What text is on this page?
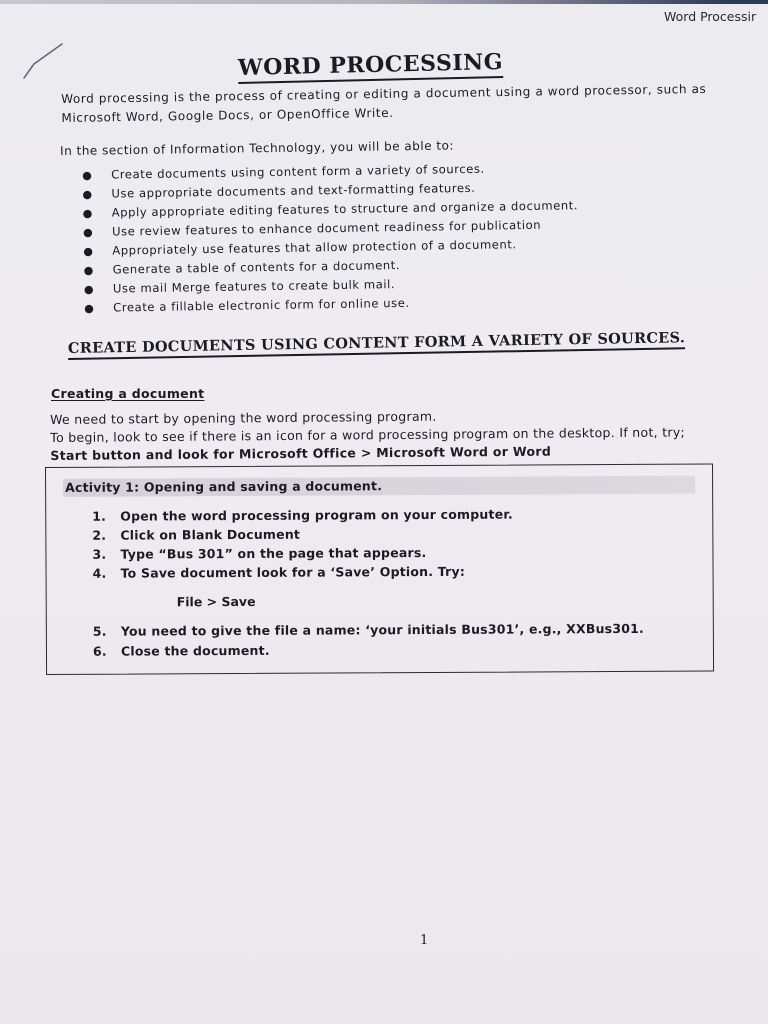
Word Processir
WORD PROCESSING
Word processing is the process of creating or editing a document using a word processor, such as
Microsoft Word, Google Docs, or OpenOffice Write.
In the section of Information Technology, you will be able to:
● Create documents using content form a variety of sources.
● Use appropriate documents and text-formatting features.
● Apply appropriate editing features to structure and organize a document.
● Use review features to enhance document readiness for publication
● Appropriately use features that allow protection of a document.
● Generate a table of contents for a document.
● Use mail Merge features to create bulk mail.
● Create a fillable electronic form for online use.
CREATE DOCUMENTS USING CONTENT FORM A VARIETY OF SOURCES.
Creating a document
We need to start by opening the word processing program.
To begin, look to see if there is an icon for a word processing program on the desktop. If not, try;
Start button and look for Microsoft Office > Microsoft Word or Word
Activity 1: Opening and saving a document.
1. Open the word processing program on your computer.
2. Click on Blank Document
3. Type “Bus 301” on the page that appears.
4. To Save document look for a ‘Save’ Option. Try:
5. You need to give the file a name: ‘your initials Bus301’, e.g., XXBus301.
6. Close the document.
File > Save
1
